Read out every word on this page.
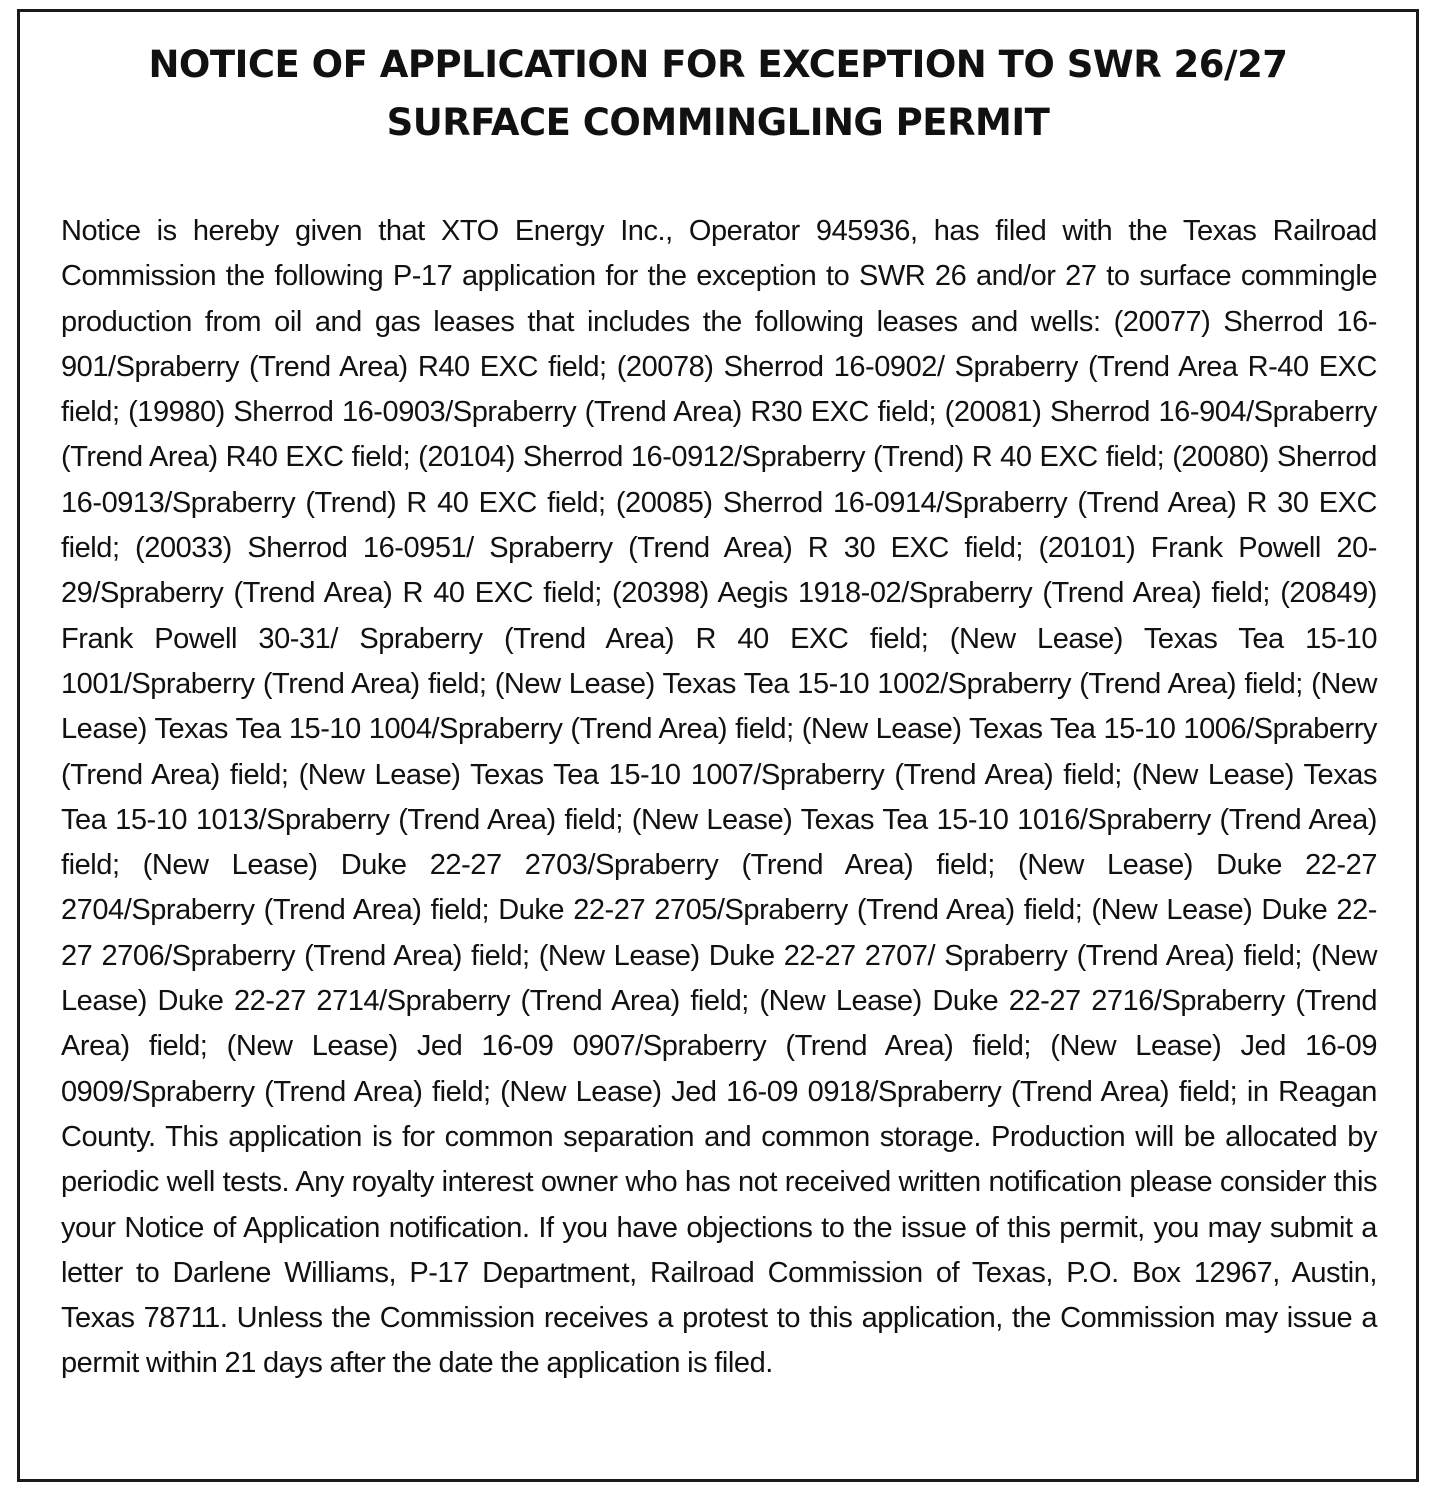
NOTICE OF APPLICATION FOR EXCEPTION TO SWR 26/27
SURFACE COMMINGLING PERMIT

Notice is hereby given that XTO Energy Inc., Operator 945936, has filed with the Texas Railroad Commission the following P-17 application for the exception to SWR 26 and/or 27 to surface commingle production from oil and gas leases that includes the following leases and wells: (20077) Sherrod 16-901/Spraberry (Trend Area) R40 EXC field; (20078) Sherrod 16-0902/ Spraberry (Trend Area R-40 EXC field; (19980) Sherrod 16-0903/Spraberry (Trend Area) R30 EXC field; (20081) Sherrod 16-904/Spraberry (Trend Area) R40 EXC field; (20104) Sherrod 16-0912/Spraberry (Trend) R 40 EXC field; (20080) Sherrod 16-0913/Spraberry (Trend) R 40 EXC field; (20085) Sherrod 16-0914/Spraberry (Trend Area) R 30 EXC field; (20033) Sherrod 16-0951/ Spraberry (Trend Area) R 30 EXC field; (20101) Frank Powell 20-29/Spraberry (Trend Area) R 40 EXC field; (20398) Aegis 1918-02/Spraberry (Trend Area) field; (20849) Frank Powell 30-31/ Spraberry (Trend Area) R 40 EXC field; (New Lease) Texas Tea 15-10 1001/Spraberry (Trend Area) field; (New Lease) Texas Tea 15-10 1002/Spraberry (Trend Area) field; (New Lease) Texas Tea 15-10 1004/Spraberry (Trend Area) field; (New Lease) Texas Tea 15-10 1006/Spraberry (Trend Area) field; (New Lease) Texas Tea 15-10 1007/Spraberry (Trend Area) field; (New Lease) Texas Tea 15-10 1013/Spraberry (Trend Area) field; (New Lease) Texas Tea 15-10 1016/Spraberry (Trend Area) field; (New Lease) Duke 22-27 2703/Spraberry (Trend Area) field; (New Lease) Duke 22-27 2704/Spraberry (Trend Area) field; Duke 22-27 2705/Spraberry (Trend Area) field; (New Lease) Duke 22-27 2706/Spraberry (Trend Area) field; (New Lease) Duke 22-27 2707/ Spraberry (Trend Area) field; (New Lease) Duke 22-27 2714/Spraberry (Trend Area) field; (New Lease) Duke 22-27 2716/Spraberry (Trend Area) field; (New Lease) Jed 16-09 0907/Spraberry (Trend Area) field; (New Lease) Jed 16-09 0909/Spraberry (Trend Area) field; (New Lease) Jed 16-09 0918/Spraberry (Trend Area) field; in Reagan County. This application is for common separation and common storage. Production will be allocated by periodic well tests. Any royalty interest owner who has not received written notification please consider this your Notice of Application notification. If you have objections to the issue of this permit, you may submit a letter to Darlene Williams, P-17 Department, Railroad Commission of Texas, P.O. Box 12967, Austin, Texas 78711. Unless the Commission receives a protest to this application, the Commission may issue a permit within 21 days after the date the application is filed.
